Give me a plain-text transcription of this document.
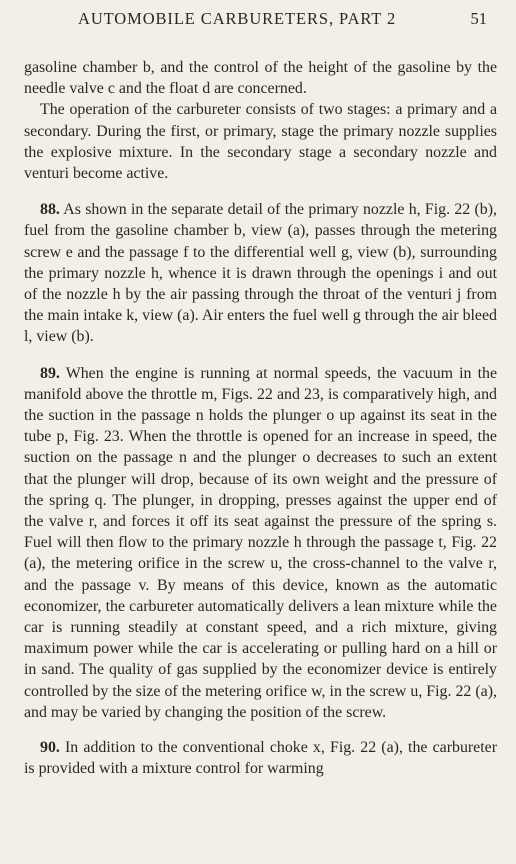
AUTOMOBILE CARBURETERS, PART 2	51

gasoline chamber b, and the control of the height of the gasoline by the needle valve c and the float d are concerned.

The operation of the carbureter consists of two stages: a primary and a secondary. During the first, or primary, stage the primary nozzle supplies the explosive mixture. In the secondary stage a secondary nozzle and venturi become active.

88. As shown in the separate detail of the primary nozzle h, Fig. 22 (b), fuel from the gasoline chamber b, view (a), passes through the metering screw e and the passage f to the differential well g, view (b), surrounding the primary nozzle h, whence it is drawn through the openings i and out of the nozzle h by the air passing through the throat of the venturi j from the main intake k, view (a). Air enters the fuel well g through the air bleed l, view (b).

89. When the engine is running at normal speeds, the vacuum in the manifold above the throttle m, Figs. 22 and 23, is comparatively high, and the suction in the passage n holds the plunger o up against its seat in the tube p, Fig. 23. When the throttle is opened for an increase in speed, the suction on the passage n and the plunger o decreases to such an extent that the plunger will drop, because of its own weight and the pressure of the spring q. The plunger, in dropping, presses against the upper end of the valve r, and forces it off its seat against the pressure of the spring s. Fuel will then flow to the primary nozzle h through the passage t, Fig. 22 (a), the metering orifice in the screw u, the cross-channel to the valve r, and the passage v. By means of this device, known as the automatic economizer, the carbureter automatically delivers a lean mixture while the car is running steadily at constant speed, and a rich mixture, giving maximum power while the car is accelerating or pulling hard on a hill or in sand. The quality of gas supplied by the economizer device is entirely controlled by the size of the metering orifice w, in the screw u, Fig. 22 (a), and may be varied by changing the position of the screw.

90. In addition to the conventional choke x, Fig. 22 (a), the carbureter is provided with a mixture control for warming
